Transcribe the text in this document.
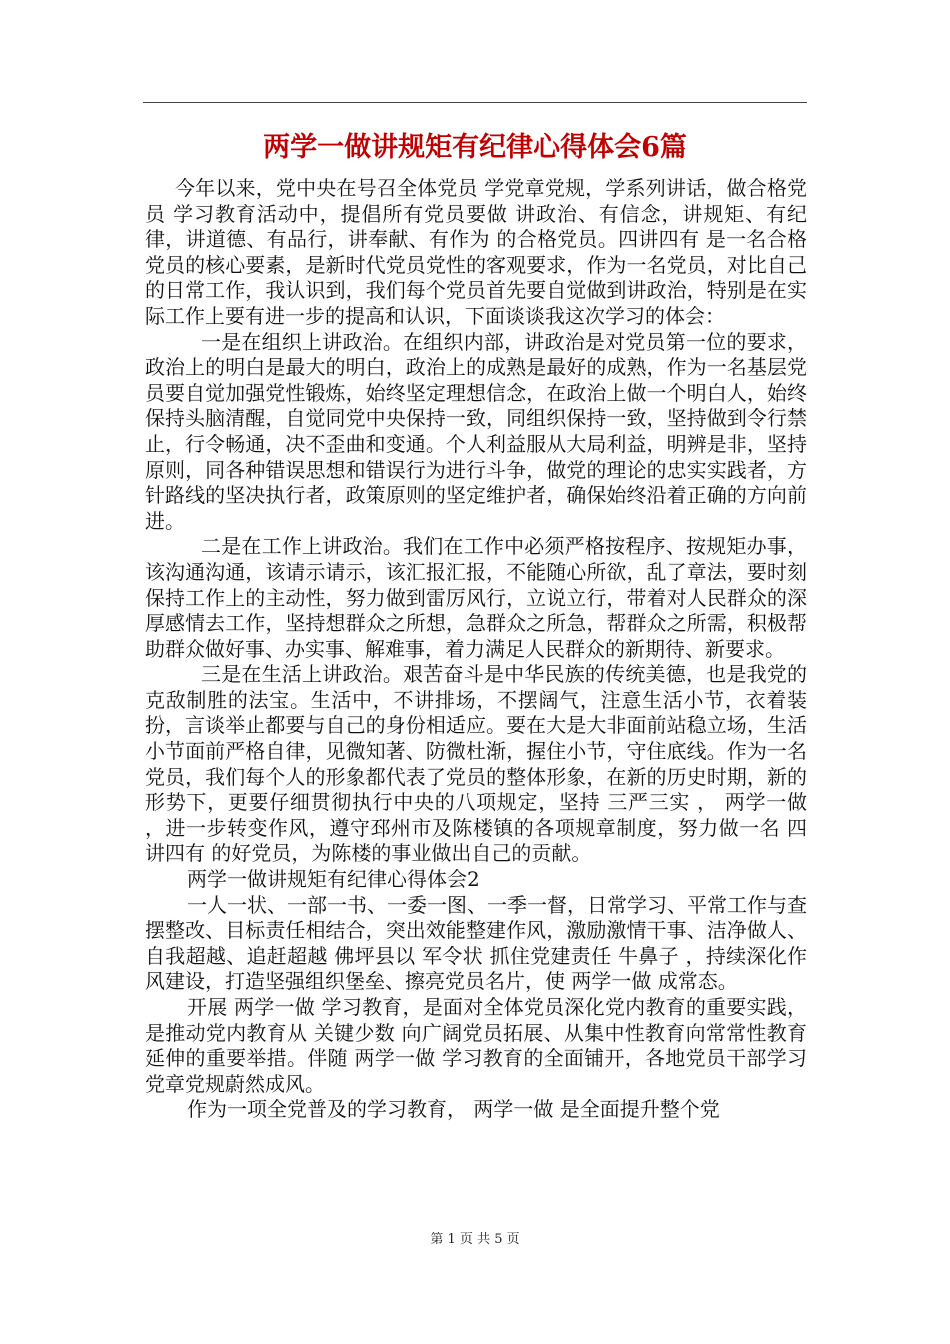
两学一做讲规矩有纪律心得体会6篇

今年以来，党中央在号召全体党员 学党章党规，学系列讲话，做合格党员 学习教育活动中，提倡所有党员要做 讲政治、有信念，讲规矩、有纪律，讲道德、有品行，讲奉献、有作为 的合格党员。四讲四有 是一名合格党员的核心要素，是新时代党员党性的客观要求，作为一名党员，对比自己的日常工作，我认识到，我们每个党员首先要自觉做到讲政治，特别是在实际工作上要有进一步的提高和认识，下面谈谈我这次学习的体会：

一是在组织上讲政治。在组织内部，讲政治是对党员第一位的要求，政治上的明白是最大的明白，政治上的成熟是最好的成熟，作为一名基层党员要自觉加强党性锻炼，始终坚定理想信念，在政治上做一个明白人，始终保持头脑清醒，自觉同党中央保持一致，同组织保持一致，坚持做到令行禁止，行令畅通，决不歪曲和变通。个人利益服从大局利益，明辨是非，坚持原则，同各种错误思想和错误行为进行斗争，做党的理论的忠实实践者，方针路线的坚决执行者，政策原则的坚定维护者，确保始终沿着正确的方向前进。

二是在工作上讲政治。我们在工作中必须严格按程序、按规矩办事，该沟通沟通，该请示请示，该汇报汇报，不能随心所欲，乱了章法，要时刻保持工作上的主动性，努力做到雷厉风行，立说立行，带着对人民群众的深厚感情去工作，坚持想群众之所想，急群众之所急，帮群众之所需，积极帮助群众做好事、办实事、解难事，着力满足人民群众的新期待、新要求。

三是在生活上讲政治。艰苦奋斗是中华民族的传统美德，也是我党的克敌制胜的法宝。生活中，不讲排场，不摆阔气，注意生活小节，衣着装扮，言谈举止都要与自己的身份相适应。要在大是大非面前站稳立场，生活小节面前严格自律，见微知著、防微杜渐，握住小节，守住底线。作为一名党员，我们每个人的形象都代表了党员的整体形象，在新的历史时期，新的形势下，更要仔细贯彻执行中央的八项规定，坚持 三严三实 ， 两学一做 ，进一步转变作风，遵守邳州市及陈楼镇的各项规章制度，努力做一名 四讲四有 的好党员，为陈楼的事业做出自己的贡献。

两学一做讲规矩有纪律心得体会2

一人一状、一部一书、一委一图、一季一督，日常学习、平常工作与查摆整改、目标责任相结合，突出效能整建作风，激励激情干事、洁净做人、自我超越、追赶超越 佛坪县以 军令状 抓住党建责任 牛鼻子 ，持续深化作风建设，打造坚强组织堡垒、擦亮党员名片，使 两学一做 成常态。

开展 两学一做 学习教育，是面对全体党员深化党内教育的重要实践，是推动党内教育从 关键少数 向广阔党员拓展、从集中性教育向常常性教育延伸的重要举措。伴随 两学一做 学习教育的全面铺开，各地党员干部学习党章党规蔚然成风。

作为一项全党普及的学习教育， 两学一做 是全面提升整个党

第 1 页 共 5 页
